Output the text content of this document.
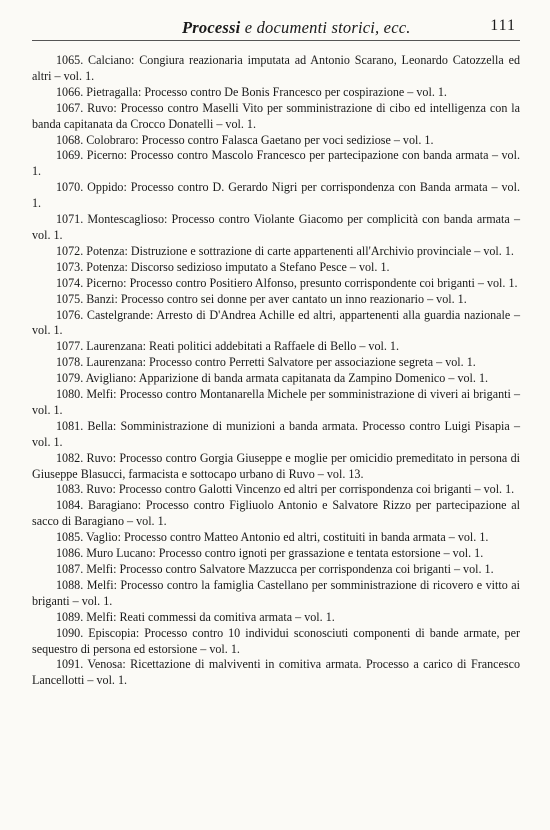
Processi e documenti storici, ecc.	111

1065. Calciano: Congiura reazionaria imputata ad Antonio Scarano, Leonardo Catozzella ed altri – vol. 1.

1066. Pietragalla: Processo contro De Bonis Francesco per cospirazione – vol. 1.

1067. Ruvo: Processo contro Maselli Vito per somministrazione di cibo ed intelligenza con la banda capitanata da Crocco Donatelli – vol. 1.

1068. Colobraro: Processo contro Falasca Gaetano per voci sediziose – vol. 1.

1069. Picerno: Processo contro Mascolo Francesco per partecipazione con banda armata – vol. 1.

1070. Oppido: Processo contro D. Gerardo Nigri per corrispondenza con Banda armata – vol. 1.

1071. Montescaglioso: Processo contro Violante Giacomo per complicità con banda armata – vol. 1.

1072. Potenza: Distruzione e sottrazione di carte appartenenti all'Archivio provinciale – vol. 1.

1073. Potenza: Discorso sedizioso imputato a Stefano Pesce – vol. 1.

1074. Picerno: Processo contro Positiero Alfonso, presunto corrispondente coi briganti – vol. 1.

1075. Banzi: Processo contro sei donne per aver cantato un inno reazionario – vol. 1.

1076. Castelgrande: Arresto di D'Andrea Achille ed altri, appartenenti alla guardia nazionale – vol. 1.

1077. Laurenzana: Reati politici addebitati a Raffaele di Bello – vol. 1.

1078. Laurenzana: Processo contro Perretti Salvatore per associazione segreta – vol. 1.

1079. Avigliano: Apparizione di banda armata capitanata da Zampino Domenico – vol. 1.

1080. Melfi: Processo contro Montanarella Michele per somministrazione di viveri ai briganti – vol. 1.

1081. Bella: Somministrazione di munizioni a banda armata. Processo contro Luigi Pisapia – vol. 1.

1082. Ruvo: Processo contro Gorgia Giuseppe e moglie per omicidio premeditato in persona di Giuseppe Blasucci, farmacista e sottocapo urbano di Ruvo – vol. 13.

1083. Ruvo: Processo contro Galotti Vincenzo ed altri per corrispondenza coi briganti – vol. 1.

1084. Baragiano: Processo contro Figliuolo Antonio e Salvatore Rizzo per partecipazione al sacco di Baragiano – vol. 1.

1085. Vaglio: Processo contro Matteo Antonio ed altri, costituiti in banda armata – vol. 1.

1086. Muro Lucano: Processo contro ignoti per grassazione e tentata estorsione – vol. 1.

1087. Melfi: Processo contro Salvatore Mazzucca per corrispondenza coi briganti – vol. 1.

1088. Melfi: Processo contro la famiglia Castellano per somministrazione di ricovero e vitto ai briganti – vol. 1.

1089. Melfi: Reati commessi da comitiva armata – vol. 1.

1090. Episcopia: Processo contro 10 individui sconosciuti componenti di bande armate, per sequestro di persona ed estorsione – vol. 1.

1091. Venosa: Ricettazione di malviventi in comitiva armata. Processo a carico di Francesco Lancellotti – vol. 1.
